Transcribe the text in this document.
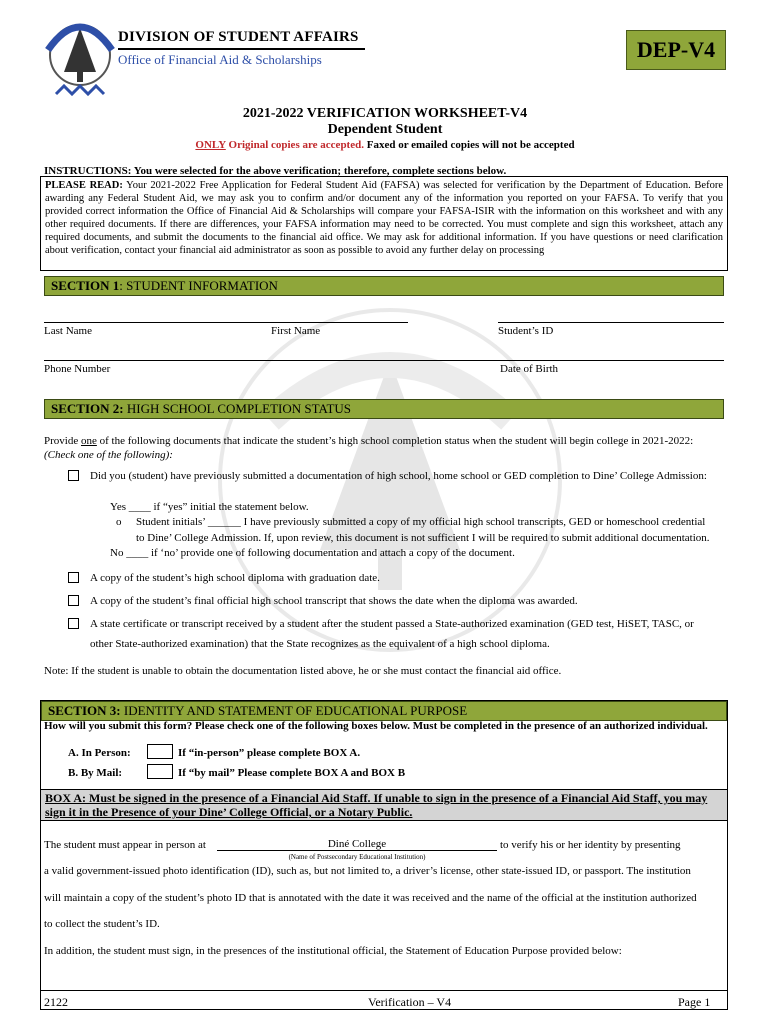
DIVISION OF STUDENT AFFAIRS
Office of Financial Aid & Scholarships	DEP-V4
2021-2022 VERIFICATION WORKSHEET-V4
Dependent Student
ONLY Original copies are accepted. Faxed or emailed copies will not be accepted
INSTRUCTIONS: You were selected for the above verification; therefore, complete sections below.
PLEASE READ: Your 2021-2022 Free Application for Federal Student Aid (FAFSA) was selected for verification by the Department of Education. Before awarding any Federal Student Aid, we may ask you to confirm and/or document any of the information you reported on your FAFSA. To verify that you provided correct information the Office of Financial Aid & Scholarships will compare your FAFSA-ISIR with the information on this worksheet and with any other required documents. If there are differences, your FAFSA information may need to be corrected. You must complete and sign this worksheet, attach any required documents, and submit the documents to the financial aid office. We may ask for additional information. If you have questions or need clarification about verification, contact your financial aid administrator as soon as possible to avoid any further delay on processing
SECTION 1: STUDENT INFORMATION
Last Name	First Name	Student’s ID
Phone Number	Date of Birth
SECTION 2: HIGH SCHOOL COMPLETION STATUS
Provide one of the following documents that indicate the student’s high school completion status when the student will begin college in 2021-2022:
(Check one of the following):
Did you (student) have previously submitted a documentation of high school, home school or GED completion to Dine’ College Admission:
Yes ____ if “yes” initial the statement below.
o Student initials’ ______ I have previously submitted a copy of my official high school transcripts, GED or homeschool credential
to Dine’ College Admission. If, upon review, this document is not sufficient I will be required to submit additional documentation.
No ____ if ‘no’ provide one of following documentation and attach a copy of the document.
A copy of the student’s high school diploma with graduation date.
A copy of the student’s final official high school transcript that shows the date when the diploma was awarded.
A state certificate or transcript received by a student after the student passed a State-authorized examination (GED test, HiSET, TASC, or
other State-authorized examination) that the State recognizes as the equivalent of a high school diploma.
Note: If the student is unable to obtain the documentation listed above, he or she must contact the financial aid office.
SECTION 3: IDENTITY AND STATEMENT OF EDUCATIONAL PURPOSE
How will you submit this form? Please check one of the following boxes below. Must be completed in the presence of an authorized individual.
A. In Person:	If “in-person” please complete BOX A.
B. By Mail:	If “by mail” Please complete BOX A and BOX B
BOX A: Must be signed in the presence of a Financial Aid Staff. If unable to sign in the presence of a Financial Aid Staff, you may sign it in the Presence of your Dine’ College Official, or a Notary Public.
The student must appear in person at	Diné College	to verify his or her identity by presenting
(Name of Postsecondary Educational Institution)
a valid government-issued photo identification (ID), such as, but not limited to, a driver’s license, other state-issued ID, or passport. The institution
will maintain a copy of the student’s photo ID that is annotated with the date it was received and the name of the official at the institution authorized
to collect the student’s ID.
In addition, the student must sign, in the presences of the institutional official, the Statement of Education Purpose provided below:
2122	Verification – V4	Page 1
